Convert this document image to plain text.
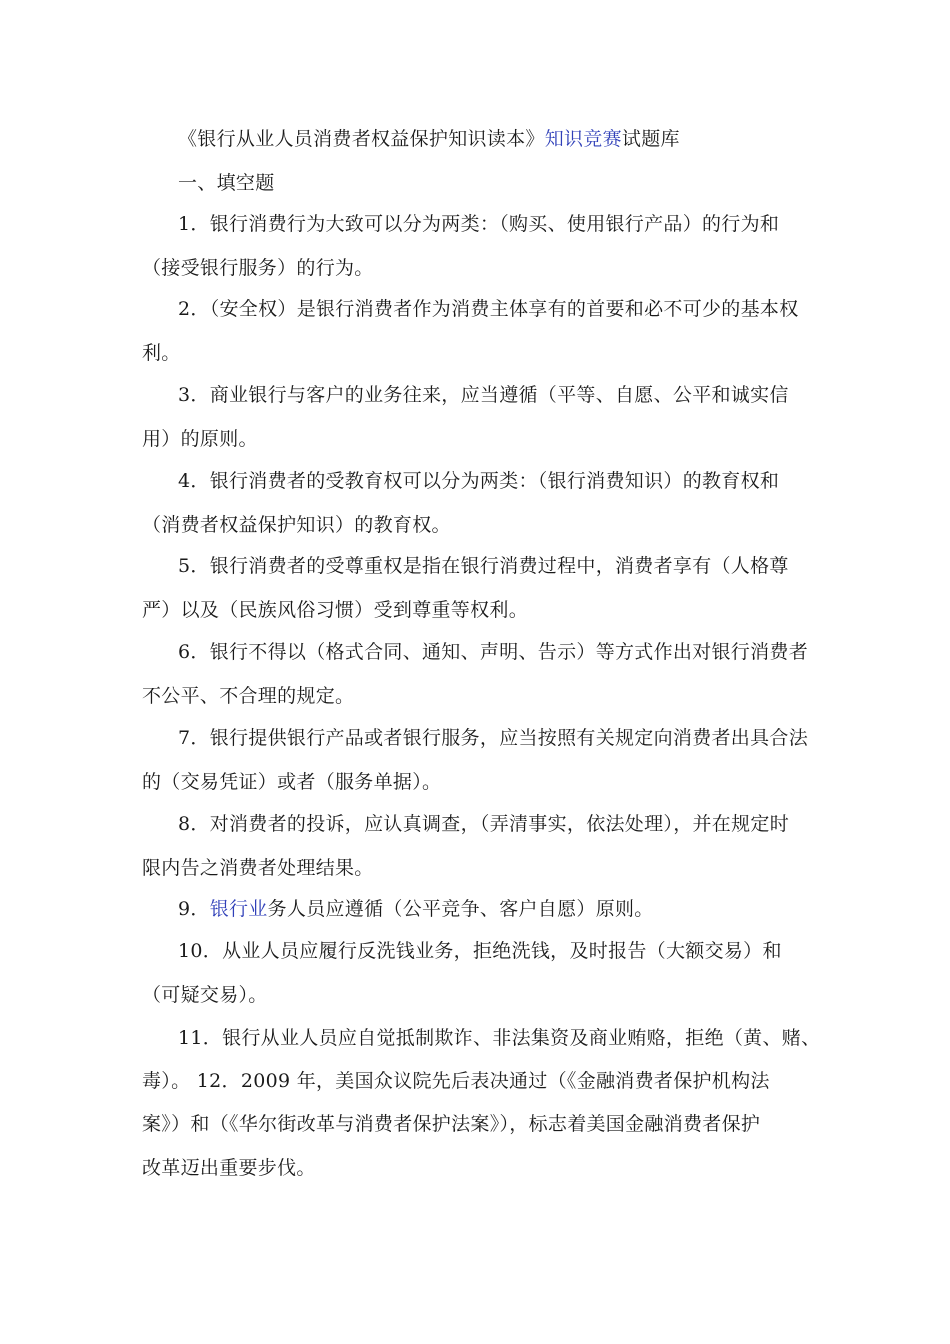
《银行从业人员消费者权益保护知识读本》知识竞赛试题库
一、填空题
1．银行消费行为大致可以分为两类：（购买、使用银行产品）的行为和
（接受银行服务）的行为。
2．（安全权）是银行消费者作为消费主体享有的首要和必不可少的基本权
利。
3．商业银行与客户的业务往来，应当遵循（平等、自愿、公平和诚实信
用）的原则。
4．银行消费者的受教育权可以分为两类：（银行消费知识）的教育权和
（消费者权益保护知识）的教育权。
5．银行消费者的受尊重权是指在银行消费过程中，消费者享有（人格尊
严）以及（民族风俗习惯）受到尊重等权利。
6．银行不得以（格式合同、通知、声明、告示）等方式作出对银行消费者
不公平、不合理的规定。
7．银行提供银行产品或者银行服务，应当按照有关规定向消费者出具合法
的（交易凭证）或者（服务单据）。
8．对消费者的投诉，应认真调查，（弄清事实，依法处理），并在规定时
限内告之消费者处理结果。
9．银行业务人员应遵循（公平竞争、客户自愿）原则。
10．从业人员应履行反洗钱业务，拒绝洗钱，及时报告（大额交易）和
（可疑交易）。
11．银行从业人员应自觉抵制欺诈、非法集资及商业贿赂，拒绝（黄、赌、
毒）。 12．2009 年，美国众议院先后表决通过（《金融消费者保护机构法
案》）和（《华尔街改革与消费者保护法案》），标志着美国金融消费者保护
改革迈出重要步伐。
